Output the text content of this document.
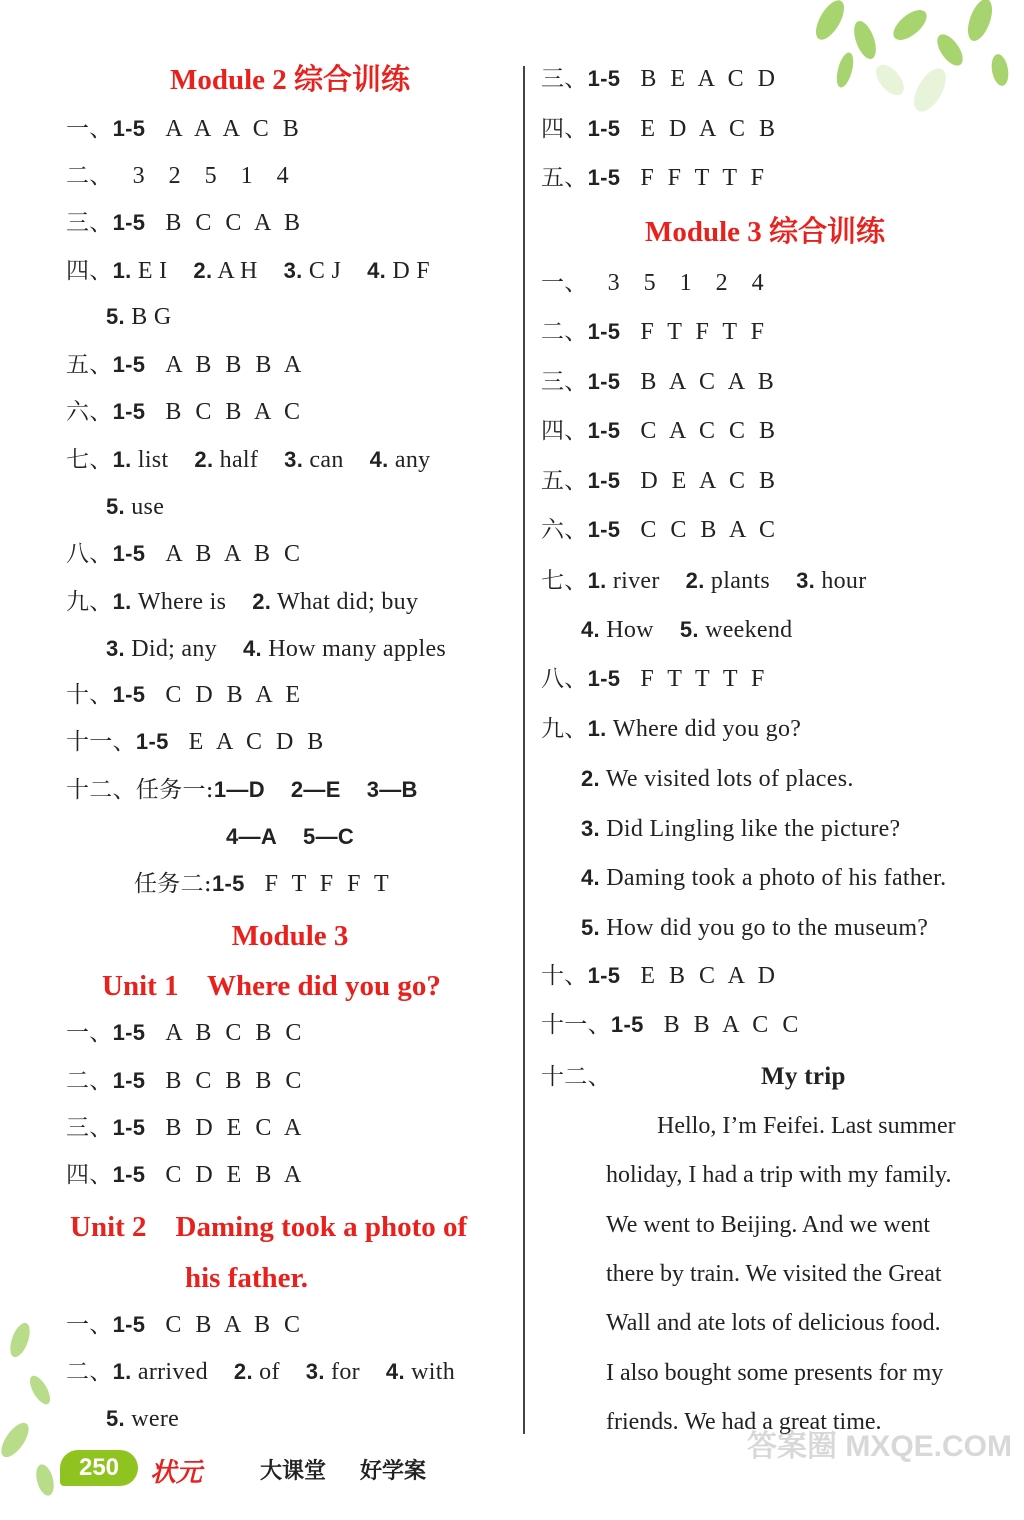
Module 2 综合训练
一、1-5  A A A C B
二、  3  2  5  1  4
三、1-5  B C C A B
四、1. E I 2. A H 3. C J 4. D F
5. B G
五、1-5  A B B B A
六、1-5  B C B A C
七、1. list 2. half 3. can 4. any
5. use
八、1-5  A B A B C
九、1. Where is 2. What did; buy
3. Did; any 4. How many apples
十、1-5  C D B A E
十一、1-5  E A C D B
十二、任务一:1—D 2—E 3—B
4—A 5—C
任务二:1-5  F T F F T
Module 3
Unit 1    Where did you go?
一、1-5  A B C B C
二、1-5  B C B B C
三、1-5  B D E C A
四、1-5  C D E B A
Unit 2    Daming took a photo of
his father.
一、1-5  C B A B C
二、1. arrived 2. of 3. for 4. with
5. were
三、1-5  B E A C D
四、1-5  E D A C B
五、1-5  F F T T F
Module 3 综合训练
一、  3  5  1  2  4
二、1-5  F T F T F
三、1-5  B A C A B
四、1-5  C A C C B
五、1-5  D E A C B
六、1-5  C C B A C
七、1. river 2. plants 3. hour
4. How 5. weekend
八、1-5  F T T T F
九、1. Where did you go?
2. We visited lots of places.
3. Did Lingling like the picture?
4. Daming took a photo of his father.
5. How did you go to the museum?
十、1-5  E B C A D
十一、1-5  B B A C C
十二、	My trip
Hello, I’m Feifei. Last summer
holiday, I had a trip with my family.
We went to Beijing. And we went
there by train. We visited the Great
Wall and ate lots of delicious food.
I also bought some presents for my
friends. We had a great time.
250	状元	大课堂 好学案
答案圈 MXQE.COM
